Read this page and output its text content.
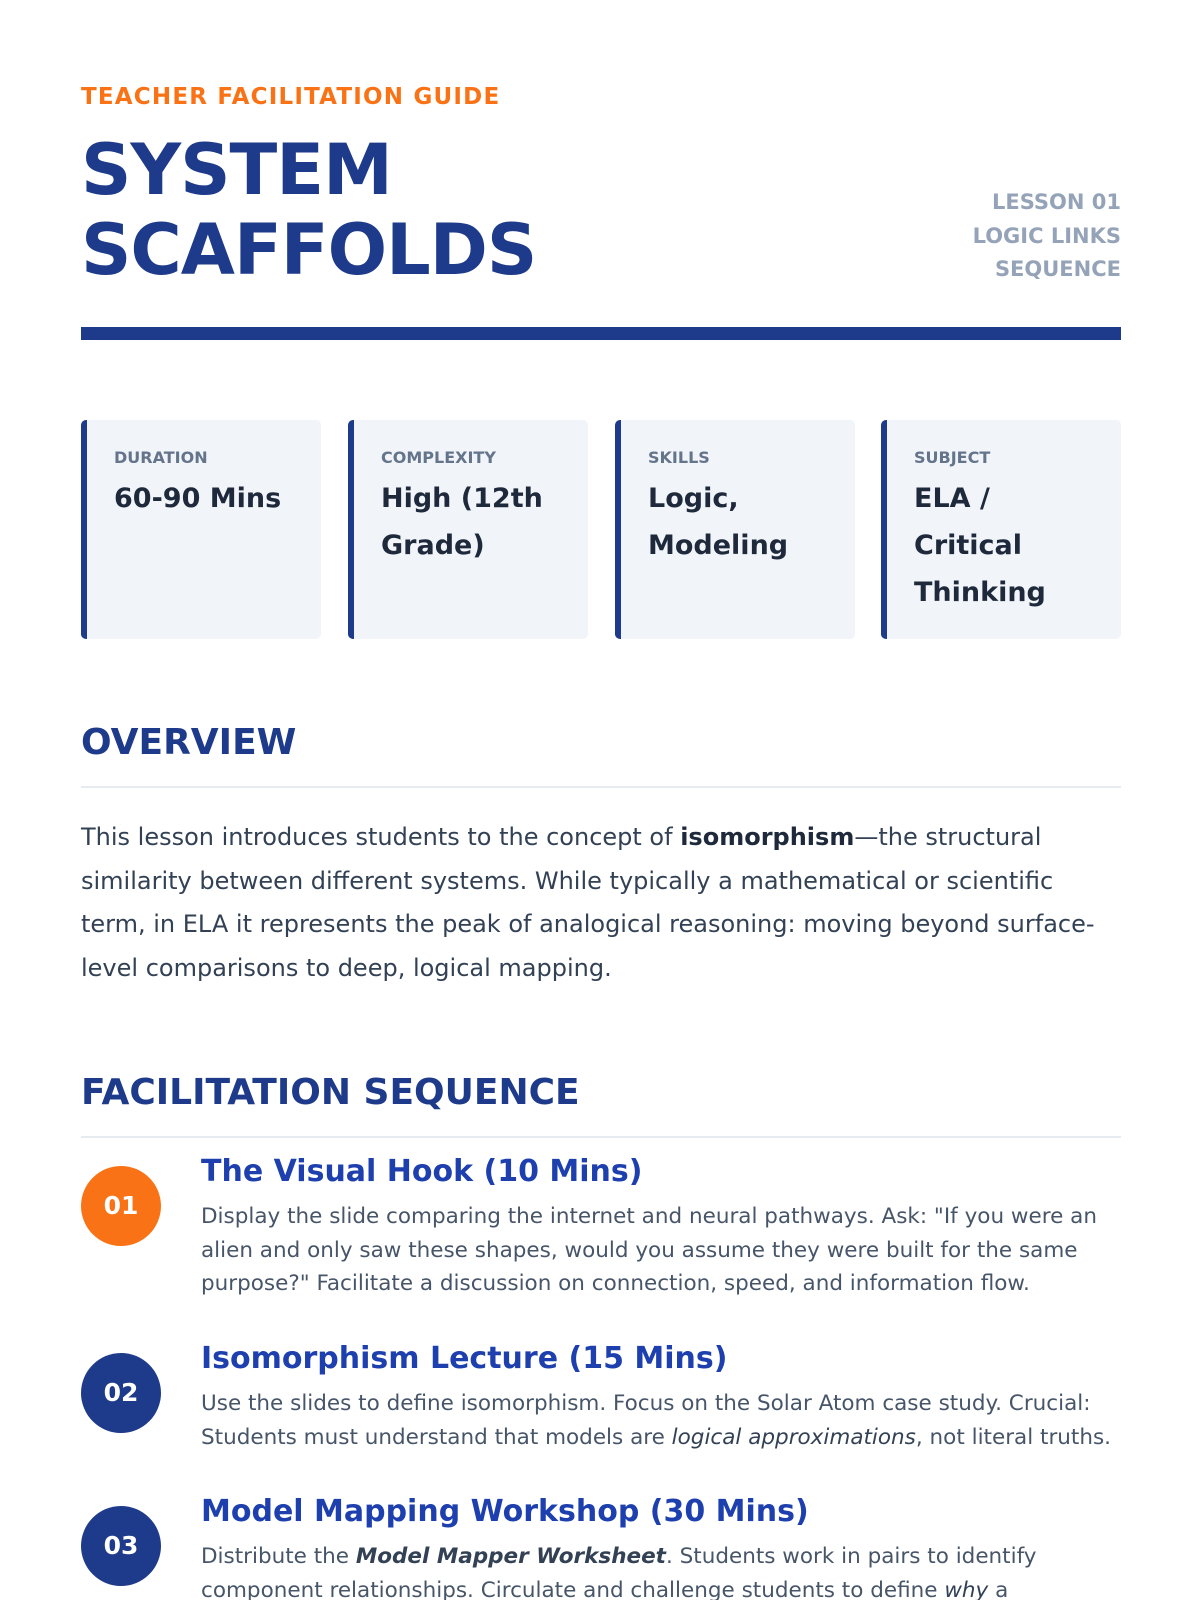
TEACHER FACILITATION GUIDE
SYSTEM
SCAFFOLDS
LESSON 01
LOGIC LINKS
SEQUENCE
DURATION
60-90 Mins
COMPLEXITY
High (12th Grade)
SKILLS
Logic, Modeling
SUBJECT
ELA / Critical Thinking
OVERVIEW

This lesson introduces students to the concept of isomorphism—the structural similarity between different systems. While typically a mathematical or scientific term, in ELA it represents the peak of analogical reasoning: moving beyond surface-level comparisons to deep, logical mapping.

FACILITATION SEQUENCE
01
The Visual Hook (10 Mins)

Display the slide comparing the internet and neural pathways. Ask: "If you were an alien and only saw these shapes, would you assume they were built for the same purpose?" Facilitate a discussion on connection, speed, and information flow.

02
Isomorphism Lecture (15 Mins)

Use the slides to define isomorphism. Focus on the Solar Atom case study. Crucial: Students must understand that models are logical approximations, not literal truths.

03
Model Mapping Workshop (30 Mins)

Distribute the Model Mapper Worksheet. Students work in pairs to identify component relationships. Circulate and challenge students to define why a
